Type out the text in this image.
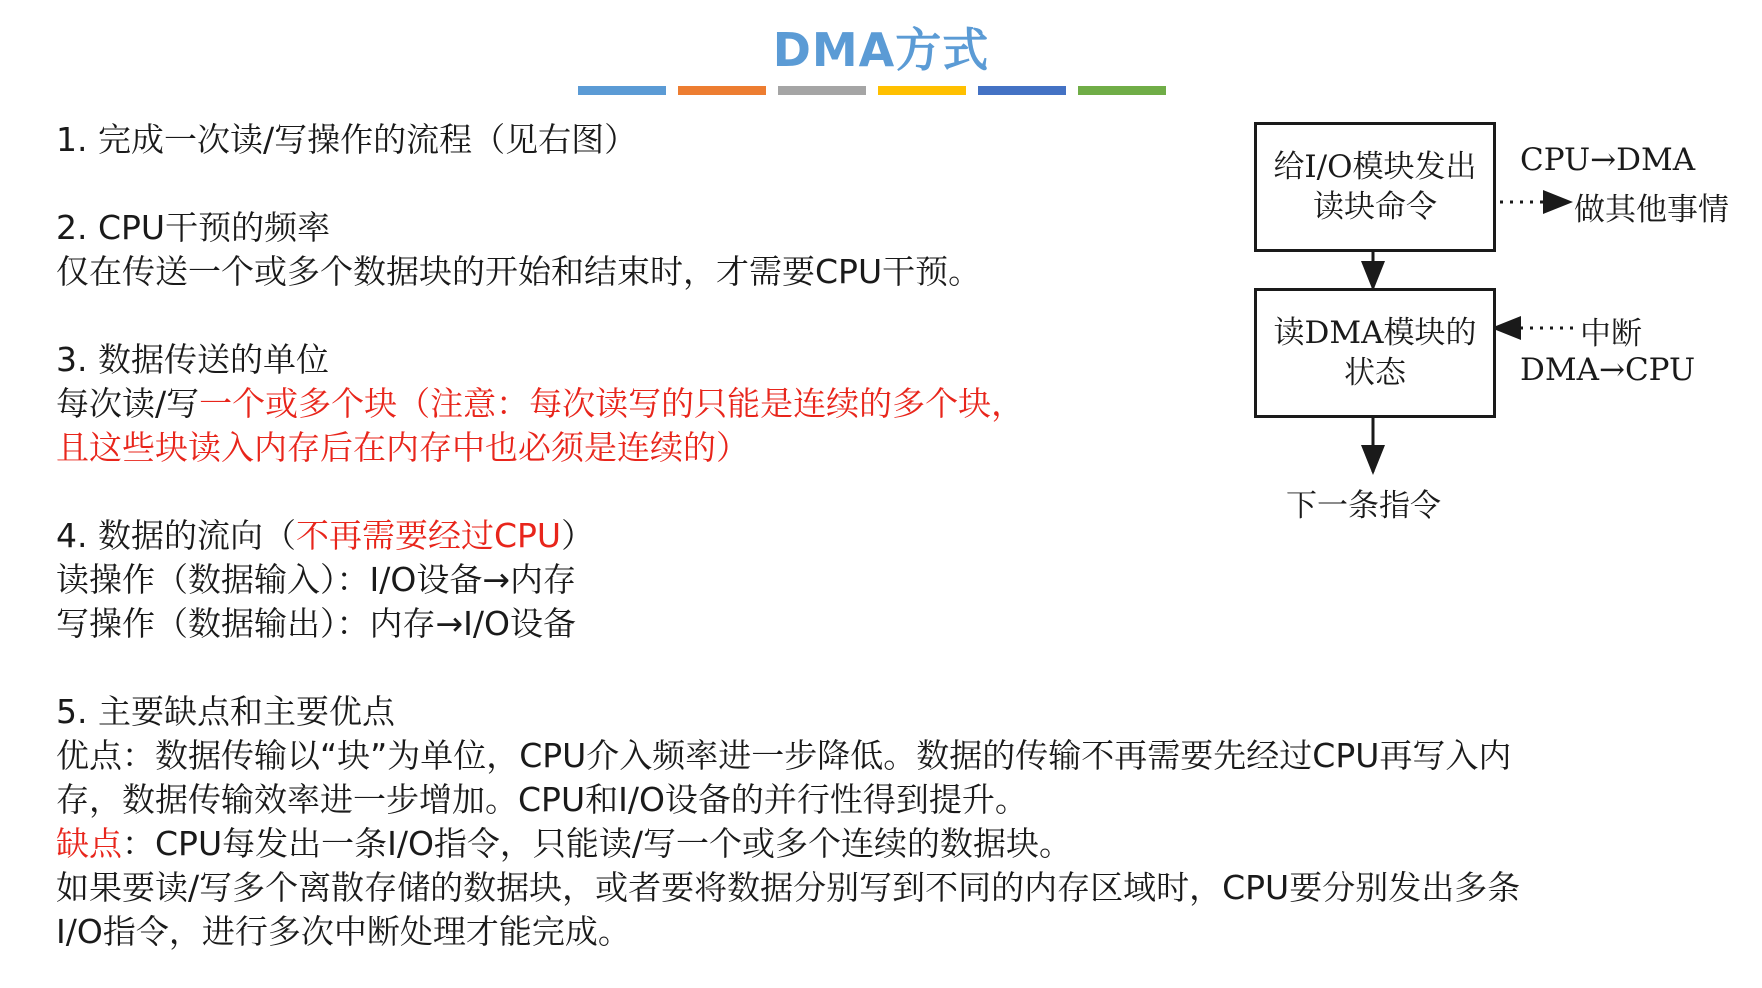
DMA方式

1. 完成一次读/写操作的流程（见右图）

2. CPU干预的频率

仅在传送一个或多个数据块的开始和结束时，才需要CPU干预。

3. 数据传送的单位

每次读/写一个或多个块（注意：每次读写的只能是连续的多个块，

且这些块读入内存后在内存中也必须是连续的）

4. 数据的流向（不再需要经过CPU）

读操作（数据输入）：I/O设备→内存

写操作（数据输出）：内存→I/O设备

5. 主要缺点和主要优点

优点：数据传输以“块”为单位，CPU介入频率进一步降低。数据的传输不再需要先经过CPU再写入内

存，数据传输效率进一步增加。CPU和I/O设备的并行性得到提升。

缺点：CPU每发出一条I/O指令，只能读/写一个或多个连续的数据块。

如果要读/写多个离散存储的数据块，或者要将数据分别写到不同的内存区域时，CPU要分别发出多条

I/O指令，进行多次中断处理才能完成。

给I/O模块发出
读块命令
读DMA模块的
状态
CPU→DMA
做其他事情
中断
DMA→CPU
下一条指令
